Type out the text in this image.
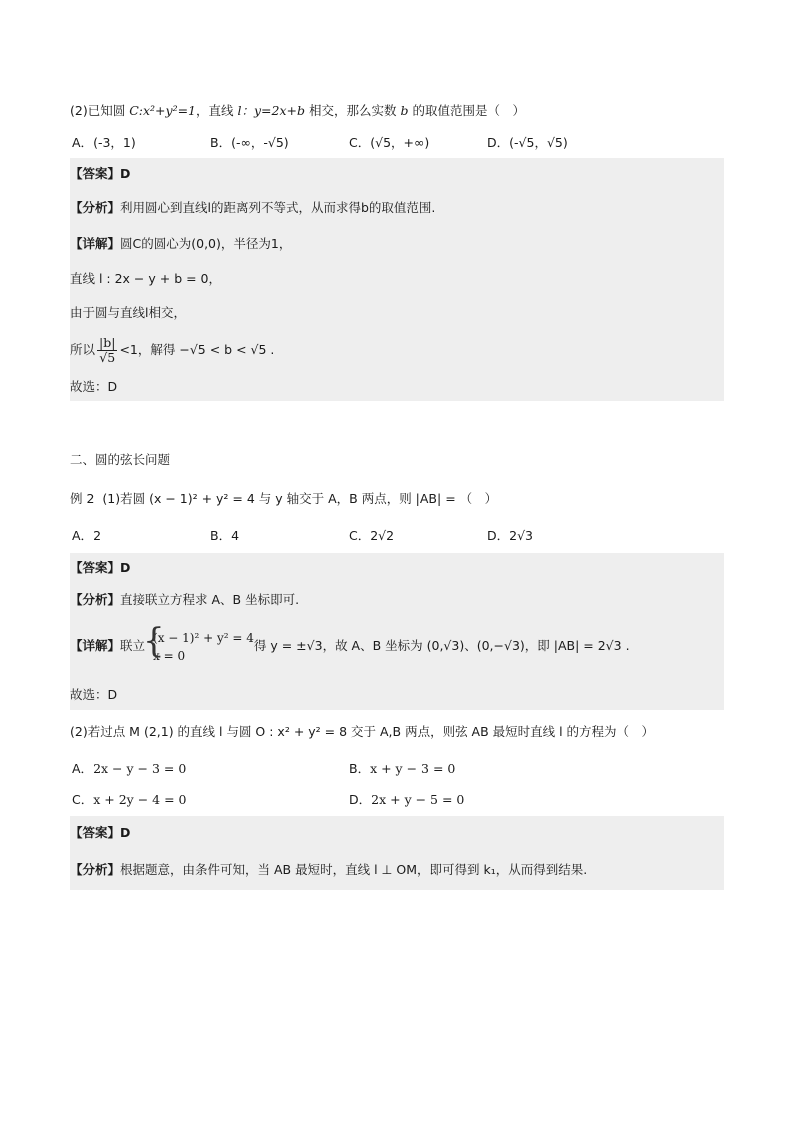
(2)已知圆 C:x²+y²=1，直线 l：y=2x+b 相交，那么实数 b 的取值范围是（　）
A．(-3，1)	B．(-∞，-√5)	C．(√5，+∞)	D．(-√5，√5)
【答案】D
【分析】利用圆心到直线l的距离列不等式，从而求得b的取值范围.
【详解】圆C的圆心为(0,0)，半径为1，
直线 l : 2x − y + b = 0，
由于圆与直线l相交，
所以 $\frac{|b|}{√5} <1$，解得 −√5 < b < √5 .
故选：D
二、圆的弦长问题
例 2 (1)若圆 (x − 1)² + y² = 4 与 y 轴交于 A，B 两点，则 |AB| = （　）
A．2	B．4	C．2√2	D．2√3
【答案】D
【分析】直接联立方程求 A、B 坐标即可.
【详解】联立
{ (x − 1)² + y² = 4
x = 0
得 y = ±√3，故 A、B 坐标为 (0,√3)、(0,−√3)，即 |AB| = 2√3 .
故选：D
(2)若过点 M (2,1) 的直线 l 与圆 O : x² + y² = 8 交于 A,B 两点，则弦 AB 最短时直线 l 的方程为（　）
A．2x − y − 3 = 0	B．x + y − 3 = 0
C．x + 2y − 4 = 0	D．2x + y − 5 = 0
【答案】D
【分析】根据题意，由条件可知，当 AB 最短时，直线 l ⊥ OM，即可得到 k₁，从而得到结果.
